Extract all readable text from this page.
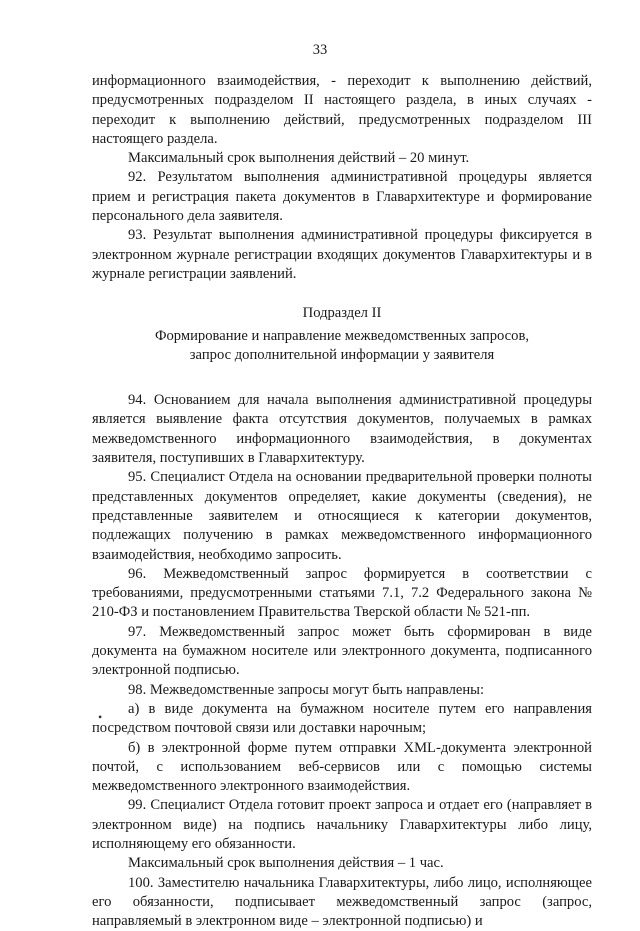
33

информационного взаимодействия, - переходит к выполнению действий, предусмотренных подразделом II настоящего раздела, в иных случаях - переходит к выполнению действий, предусмотренных подразделом III настоящего раздела.

Максимальный срок выполнения действий – 20 минут.

92. Результатом выполнения административной процедуры является прием и регистрация пакета документов в Главархитектуре и формирование персонального дела заявителя.

93. Результат выполнения административной процедуры фиксируется в электронном журнале регистрации входящих документов Главархитектуры и в журнале регистрации заявлений.

Подраздел II

Формирование и направление межведомственных запросов,

запрос дополнительной информации у заявителя

94. Основанием для начала выполнения административной процедуры является выявление факта отсутствия документов, получаемых в рамках межведомственного информационного взаимодействия, в документах заявителя, поступивших в Главархитектуру.

95. Специалист Отдела на основании предварительной проверки полноты представленных документов определяет, какие документы (сведения), не представленные заявителем и относящиеся к категории документов, подлежащих получению в рамках межведомственного информационного взаимодействия, необходимо запросить.

96. Межведомственный запрос формируется в соответствии с требованиями, предусмотренными статьями 7.1, 7.2 Федерального закона № 210-ФЗ и постановлением Правительства Тверской области № 521-пп.

97. Межведомственный запрос может быть сформирован в виде документа на бумажном носителе или электронного документа, подписанного электронной подписью.

98. Межведомственные запросы могут быть направлены:

а) в виде документа на бумажном носителе путем его направления посредством почтовой связи или доставки нарочным;

б) в электронной форме путем отправки XML-документа электронной почтой, с использованием веб-сервисов или с помощью системы межведомственного электронного взаимодействия.

99. Специалист Отдела готовит проект запроса и отдает его (направляет в электронном виде) на подпись начальнику Главархитектуры либо лицу, исполняющему его обязанности.

Максимальный срок выполнения действия – 1 час.

100. Заместителю начальника Главархитектуры, либо лицо, исполняющее его обязанности, подписывает межведомственный запрос (запрос, направляемый в электронном виде – электронной подписью) и

•
